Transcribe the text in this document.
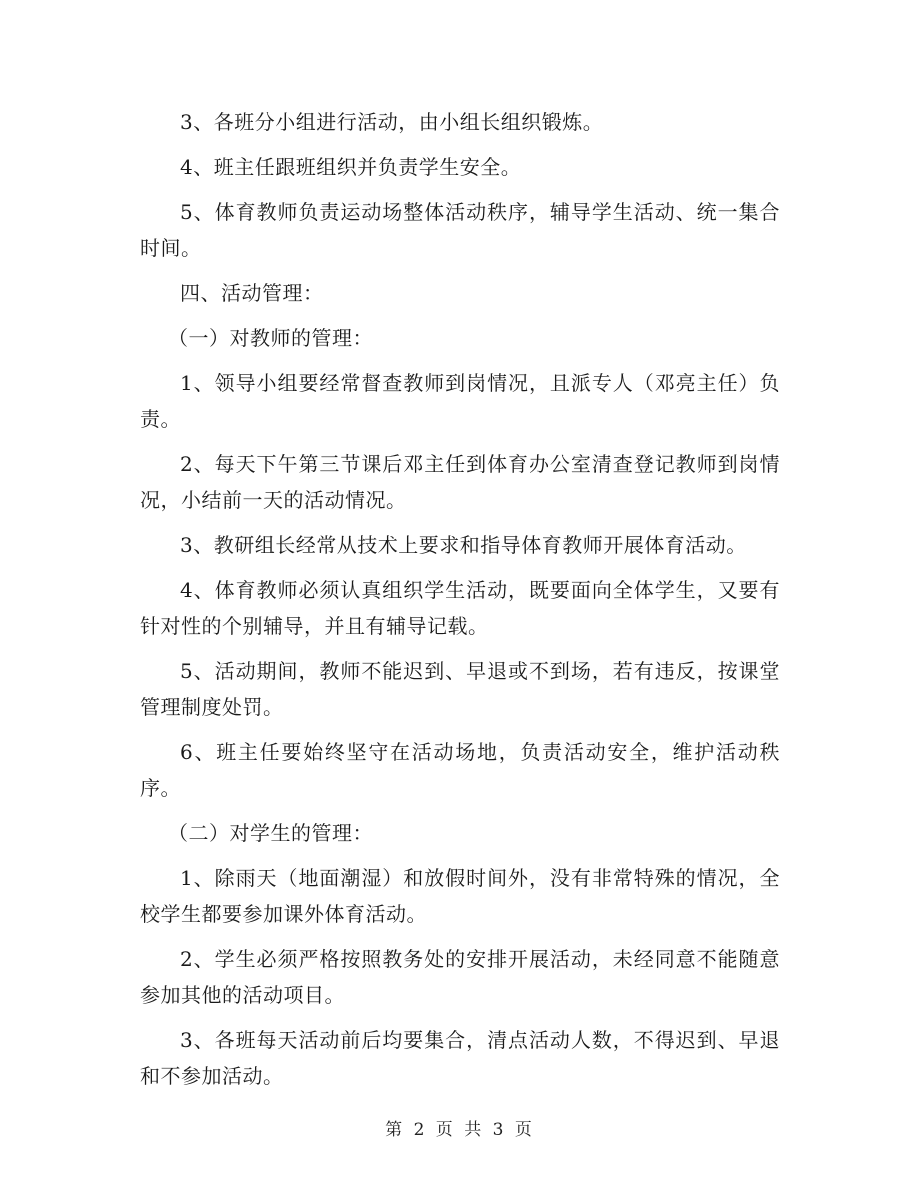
3、各班分小组进行活动，由小组长组织锻炼。

4、班主任跟班组织并负责学生安全。

5、体育教师负责运动场整体活动秩序，辅导学生活动、统一集合时间。

四、活动管理：

（一）对教师的管理：

1、领导小组要经常督查教师到岗情况，且派专人（邓亮主任）负责。

2、每天下午第三节课后邓主任到体育办公室清查登记教师到岗情况，小结前一天的活动情况。

3、教研组长经常从技术上要求和指导体育教师开展体育活动。

4、体育教师必须认真组织学生活动，既要面向全体学生，又要有针对性的个别辅导，并且有辅导记载。

5、活动期间，教师不能迟到、早退或不到场，若有违反，按课堂管理制度处罚。

6、班主任要始终坚守在活动场地，负责活动安全，维护活动秩序。

（二）对学生的管理：

1、除雨天（地面潮湿）和放假时间外，没有非常特殊的情况，全校学生都要参加课外体育活动。

2、学生必须严格按照教务处的安排开展活动，未经同意不能随意参加其他的活动项目。

3、各班每天活动前后均要集合，清点活动人数，不得迟到、早退和不参加活动。

第 2 页 共 3 页
